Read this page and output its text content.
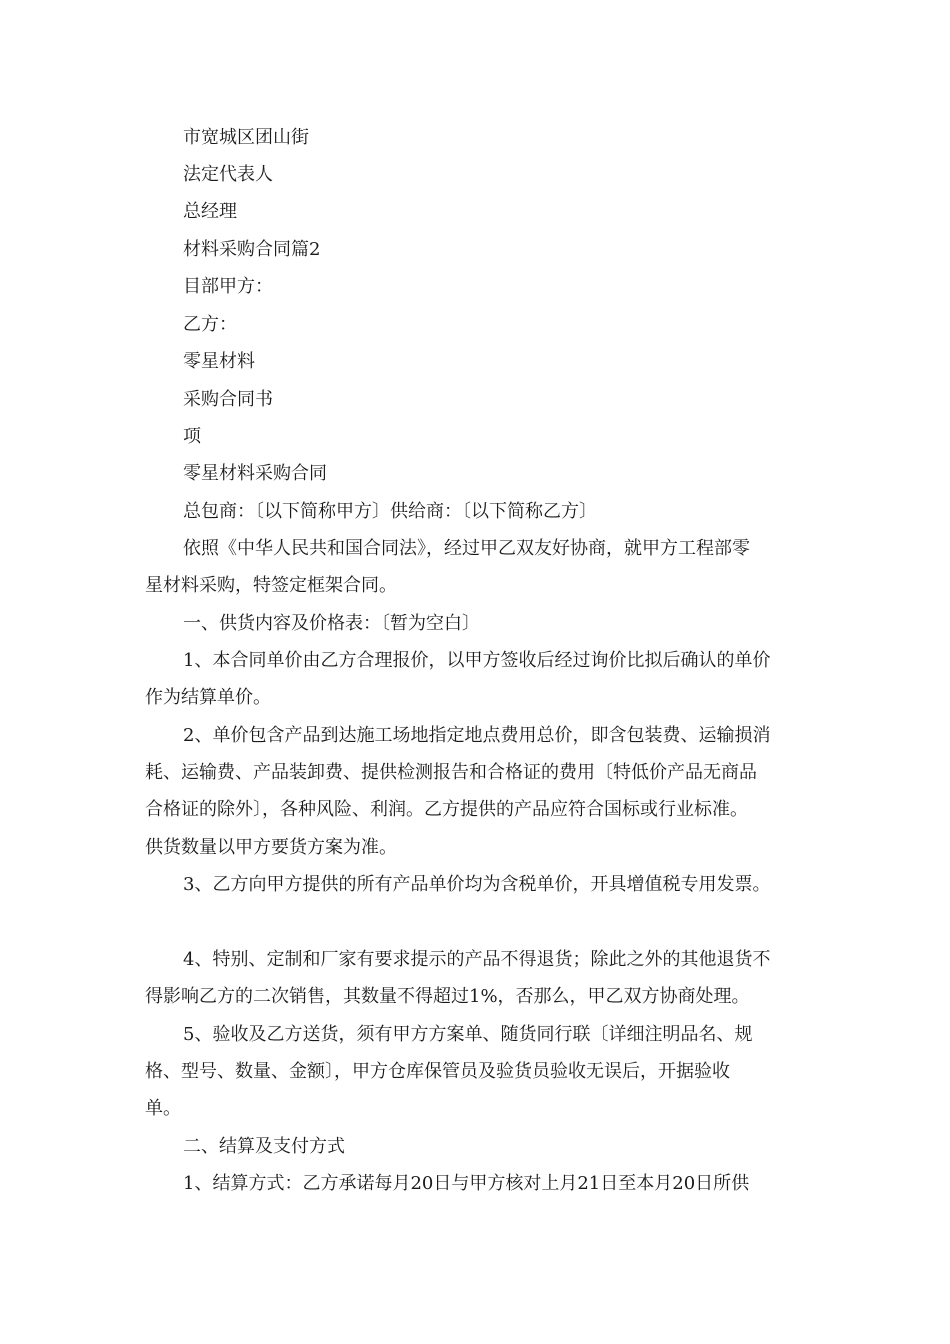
市宽城区团山街
法定代表人
总经理
材料采购合同篇2
目部甲方：
乙方：
零星材料
采购合同书
项
零星材料采购合同
总包商：〔以下简称甲方〕供给商：〔以下简称乙方〕
依照《中华人民共和国合同法》，经过甲乙双友好协商，就甲方工程部零
星材料采购，特签定框架合同。
一、供货内容及价格表：〔暂为空白〕
1、本合同单价由乙方合理报价，以甲方签收后经过询价比拟后确认的单价
作为结算单价。
2、单价包含产品到达施工场地指定地点费用总价，即含包装费、运输损消
耗、运输费、产品装卸费、提供检测报告和合格证的费用〔特低价产品无商品
合格证的除外〕，各种风险、利润。乙方提供的产品应符合国标或行业标准。
供货数量以甲方要货方案为准。
3、乙方向甲方提供的所有产品单价均为含税单价，开具增值税专用发票。
4、特别、定制和厂家有要求提示的产品不得退货；除此之外的其他退货不
得影响乙方的二次销售，其数量不得超过1%，否那么，甲乙双方协商处理。
5、验收及乙方送货，须有甲方方案单、随货同行联〔详细注明品名、规
格、型号、数量、金额〕，甲方仓库保管员及验货员验收无误后，开据验收
单。
二、结算及支付方式
1、结算方式：乙方承诺每月20日与甲方核对上月21日至本月20日所供
